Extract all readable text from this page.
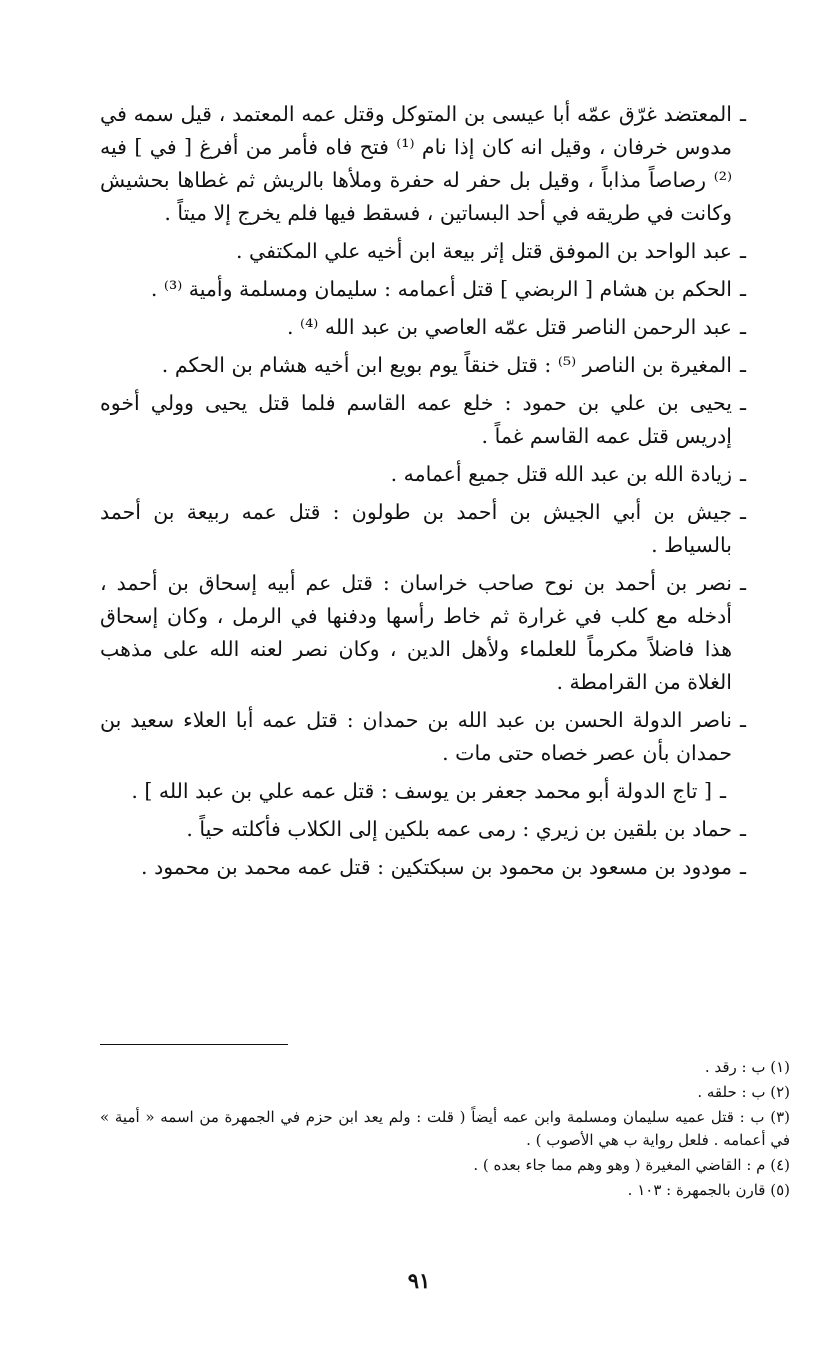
ـ
المعتضد غرّق عمّه أبا عيسى بن المتوكل وقتل عمه المعتمد ، قيل سمه في مدوس خرفان ، وقيل انه كان إذا نام ⁽¹⁾ فتح فاه فأمر من أفرغ [ في ] فيه ⁽²⁾ رصاصاً مذاباً ، وقيل بل حفر له حفرة وملأها بالريش ثم غطاها بحشيش وكانت في طريقه في أحد البساتين ، فسقط فيها فلم يخرج إلا ميتاً .
ـ
عبد الواحد بن الموفق قتل إثر بيعة ابن أخيه علي المكتفي .
ـ
الحكم بن هشام [ الربضي ] قتل أعمامه : سليمان ومسلمة وأمية ⁽³⁾ .
ـ
عبد الرحمن الناصر قتل عمّه العاصي بن عبد الله ⁽⁴⁾ .
ـ
المغيرة بن الناصر ⁽⁵⁾ : قتل خنقاً يوم بويع ابن أخيه هشام بن الحكم .
ـ
يحيى بن علي بن حمود : خلع عمه القاسم فلما قتل يحيى وولي أخوه إدريس قتل عمه القاسم غماً .
ـ
زيادة الله بن عبد الله قتل جميع أعمامه .
ـ
جيش بن أبي الجيش بن أحمد بن طولون : قتل عمه ربيعة بن أحمد بالسياط .
ـ
نصر بن أحمد بن نوح صاحب خراسان : قتل عم أبيه إسحاق بن أحمد ، أدخله مع كلب في غرارة ثم خاط رأسها ودفنها في الرمل ، وكان إسحاق هذا فاضلاً مكرماً للعلماء ولأهل الدين ، وكان نصر لعنه الله على مذهب الغلاة من القرامطة .
ـ
ناصر الدولة الحسن بن عبد الله بن حمدان : قتل عمه أبا العلاء سعيد بن حمدان بأن عصر خصاه حتى مات .
ـ
[ تاج الدولة أبو محمد جعفر بن يوسف : قتل عمه علي بن عبد الله ] .
ـ
حماد بن بلقين بن زيري : رمى عمه بلكين إلى الكلاب فأكلته حياً .
ـ
مودود بن مسعود بن محمود بن سبكتكين : قتل عمه محمد بن محمود .

(١) ب : رقد .

(٢) ب : حلقه .

(٣) ب : قتل عميه سليمان ومسلمة وابن عمه أيضاً ( قلت : ولم يعد ابن حزم في الجمهرة من اسمه « أمية » في أعمامه . فلعل رواية ب هي الأصوب ) .

(٤) م : القاضي المغيرة ( وهو وهم مما جاء بعده ) .

(٥) قارن بالجمهرة : ١٠٣ .

٩١
